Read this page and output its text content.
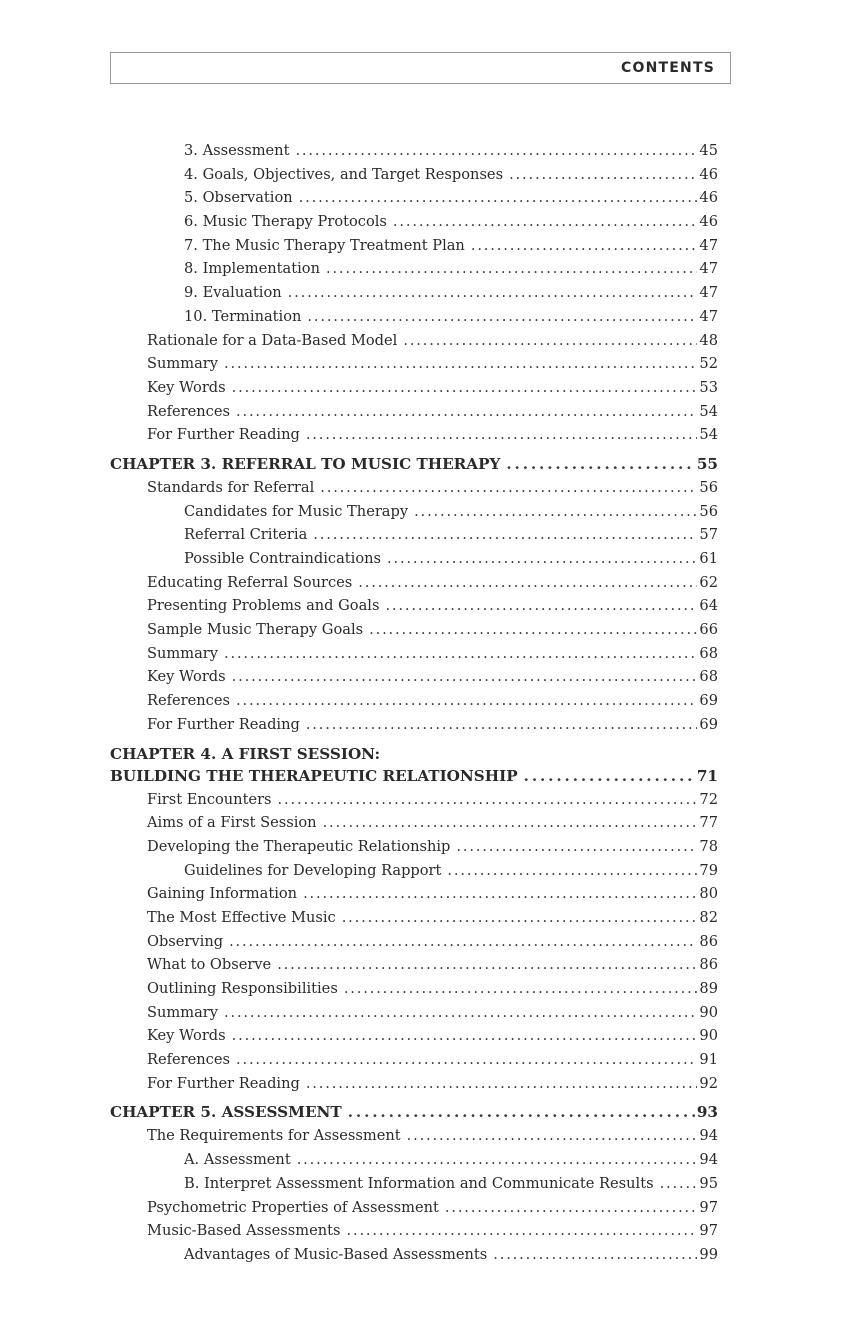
CONTENTS
3. Assessment . . .	45
4. Goals, Objectives, and Target Responses . . .	46
5. Observation . . .	46
6. Music Therapy Protocols . . .	46
7. The Music Therapy Treatment Plan . . .	47
8. Implementation . . .	47
9. Evaluation . . .	47
10. Termination . . .	47
Rationale for a Data-Based Model . . .	48
Summary . . .	52
Key Words . . .	53
References . . .	54
For Further Reading . . .	54
CHAPTER 3. REFERRAL TO MUSIC THERAPY . . .	55
Standards for Referral . . .	56
Candidates for Music Therapy . . .	56
Referral Criteria . . .	57
Possible Contraindications . . .	61
Educating Referral Sources . . .	62
Presenting Problems and Goals . . .	64
Sample Music Therapy Goals . . .	66
Summary . . .	68
Key Words . . .	68
References . . .	69
For Further Reading . . .	69
CHAPTER 4. A FIRST SESSION:
BUILDING THE THERAPEUTIC RELATIONSHIP . . .	71
First Encounters . . .	72
Aims of a First Session . . .	77
Developing the Therapeutic Relationship . . .	78
Guidelines for Developing Rapport . . .	79
Gaining Information . . .	80
The Most Effective Music . . .	82
Observing . . .	86
What to Observe . . .	86
Outlining Responsibilities . . .	89
Summary . . .	90
Key Words . . .	90
References . . .	91
For Further Reading . . .	92
CHAPTER 5. ASSESSMENT . . .	93
The Requirements for Assessment . . .	94
A. Assessment . . .	94
B. Interpret Assessment Information and Communicate Results . . .	95
Psychometric Properties of Assessment . . .	97
Music-Based Assessments . . .	97
Advantages of Music-Based Assessments . . .	99
